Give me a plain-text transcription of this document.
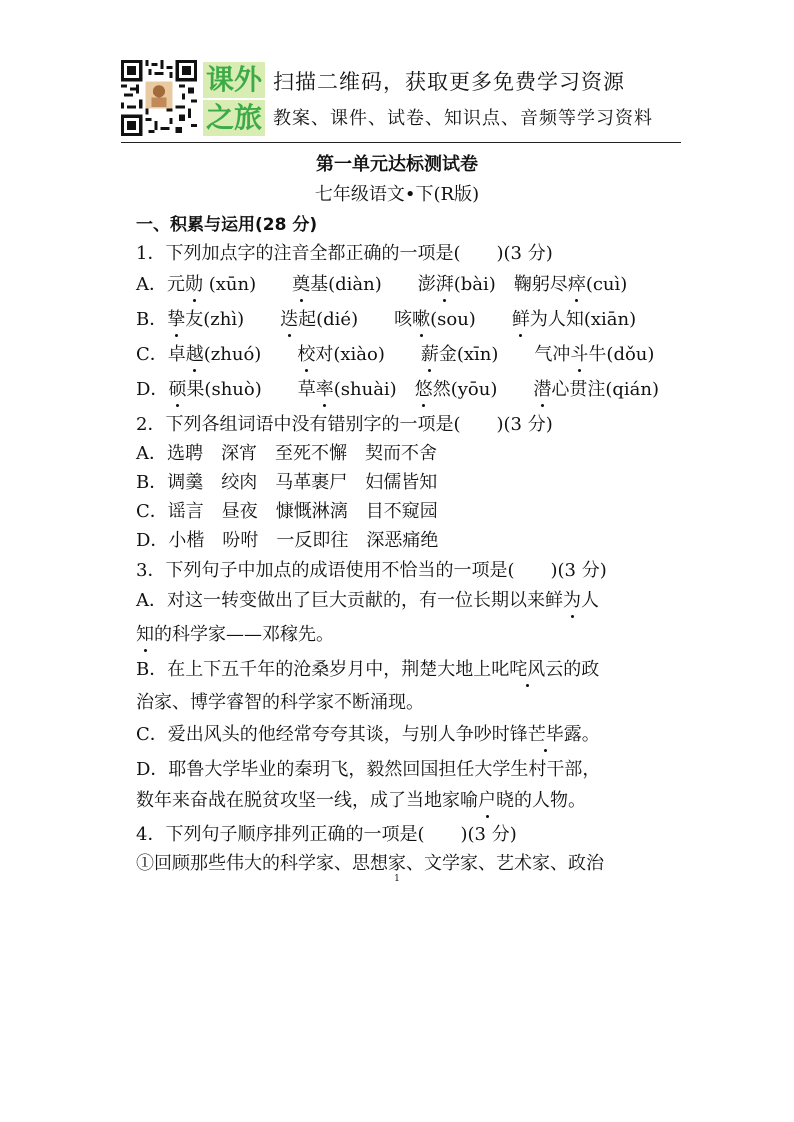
课外
之旅
扫描二维码，获取更多免费学习资源
教案、课件、试卷、知识点、音频等学习资料
第一单元达标测试卷
七年级语文•下(R版)
一、积累与运用(28 分)
1．下列加点字的注音全都正确的一项是(　　)(3 分)
A．元勋 (xūn)　　奠基(diàn)　　澎湃(bài)　鞠躬尽瘁(cuì)
B．挚友(zhì)　　迭起(dié)　　咳嗽(sou)　　鲜为人知(xiān)
C．卓越(zhuó)　　校对(xiào)　　薪金(xīn)　　气冲斗牛(dǒu)
D．硕果(shuò)　　草率(shuài)　悠然(yōu)　　潜心贯注(qián)
2．下列各组词语中没有错别字的一项是(　　)(3 分)
A．选聘　深宵　至死不懈　契而不舍
B．调羹　绞肉　马革裹尸　妇儒皆知
C．谣言　昼夜　慷慨淋漓　目不窥园
D．小楷　吩咐　一反即往　深恶痛绝
3．下列句子中加点的成语使用不恰当的一项是(　　)(3 分)
A．对这一转变做出了巨大贡献的，有一位长期以来鲜为人
知的科学家——邓稼先。
B．在上下五千年的沧桑岁月中，荆楚大地上叱咤风云的政
治家、博学睿智的科学家不断涌现。
C．爱出风头的他经常夸夸其谈，与别人争吵时锋芒毕露。
D．耶鲁大学毕业的秦玥飞，毅然回国担任大学生村干部，
数年来奋战在脱贫攻坚一线，成了当地家喻户晓的人物。
4．下列句子顺序排列正确的一项是(　　)(3 分)
①回顾那些伟大的科学家、思想家、文学家、艺术家、政治
1
